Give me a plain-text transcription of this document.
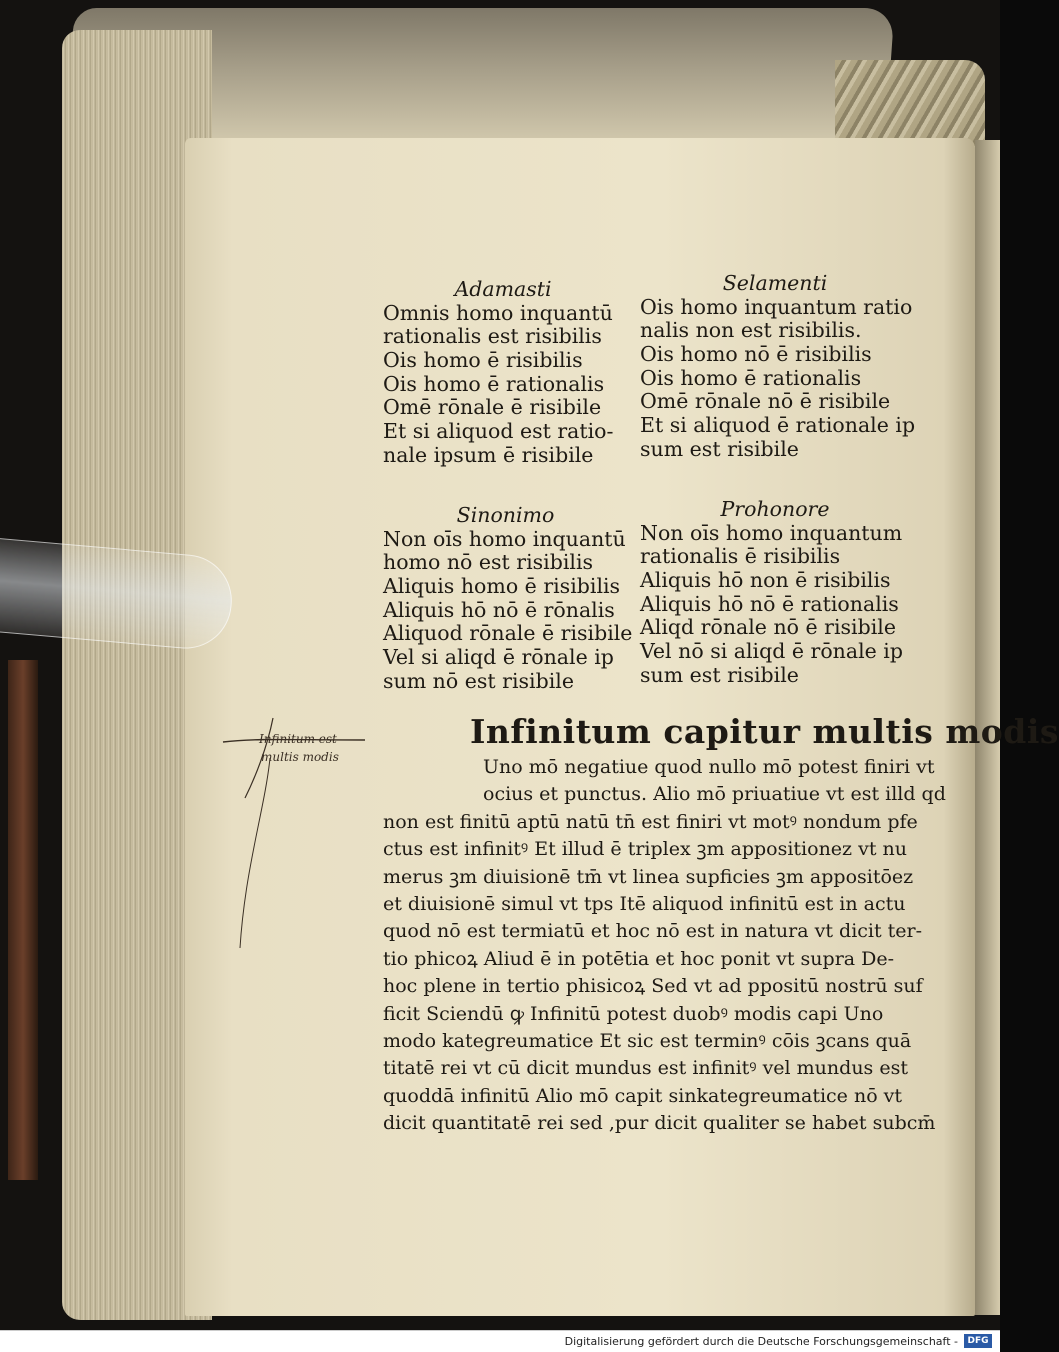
Adamasti

Omnis homo inquantū

rationalis est risibilis

Ois homo ē risibilis

Ois homo ē rationalis

Omē rōnale ē risibile

Et si aliquod est ratio-

nale ipsum ē risibile

Selamenti

Ois homo inquantum ratio

nalis non est risibilis.

Ois homo nō ē risibilis

Ois homo ē rationalis

Omē rōnale nō ē risibile

Et si aliquod ē rationale ip

sum est risibile

Sinonimo

Non oīs homo inquantū

homo nō est risibilis

Aliquis homo ē risibilis

Aliquis hō nō ē rōnalis

Aliquod rōnale ē risibile

Vel si aliqd ē rōnale ip

sum nō est risibile

Prohonore

Non oīs homo inquantum

rationalis ē risibilis

Aliquis hō non ē risibilis

Aliquis hō nō ē rationalis

Aliqd rōnale nō ē risibile

Vel nō si aliqd ē rōnale ip

sum est risibile

Infinitum capitur multis modis

Uno mō negatiue quod nullo mō potest finiri vt

ocius et punctus. Alio mō priuatiue vt est illd qd

non est finitū aptū natū tn̄ est finiri vt motꝰ nondum pfe

ctus est infinitꝰ Et illud ē triplex ꝫm appositionez vt nu

merus ꝫm diuisionē tm̄ vt linea supficies ꝫm appositōez

et diuisionē simul vt tps Itē aliquod infinitū est in actu

quod nō est termiatū et hoc nō est in natura vt dicit ter-

tio phicoꝝ Aliud ē in potētia et hoc ponit vt supra De-

hoc plene in tertio phisicoꝝ Sed vt ad ppositū nostrū suf

ficit Sciendū ꝙ Infinitū potest duobꝰ modis capi Uno

modo kategreumatice Et sic est terminꝰ cōis ꝫcans quā

titatē rei vt cū dicit mundus est infinitꝰ vel mundus est

quoddā infinitū Alio mō capit sinkategreumatice nō vt

dicit quantitatē rei sed ,pur dicit qualiter se habet subcm̄

Infinitum est
multis modis
Digitalisierung gefördert durch die Deutsche Forschungsgemeinschaft -	DFG
